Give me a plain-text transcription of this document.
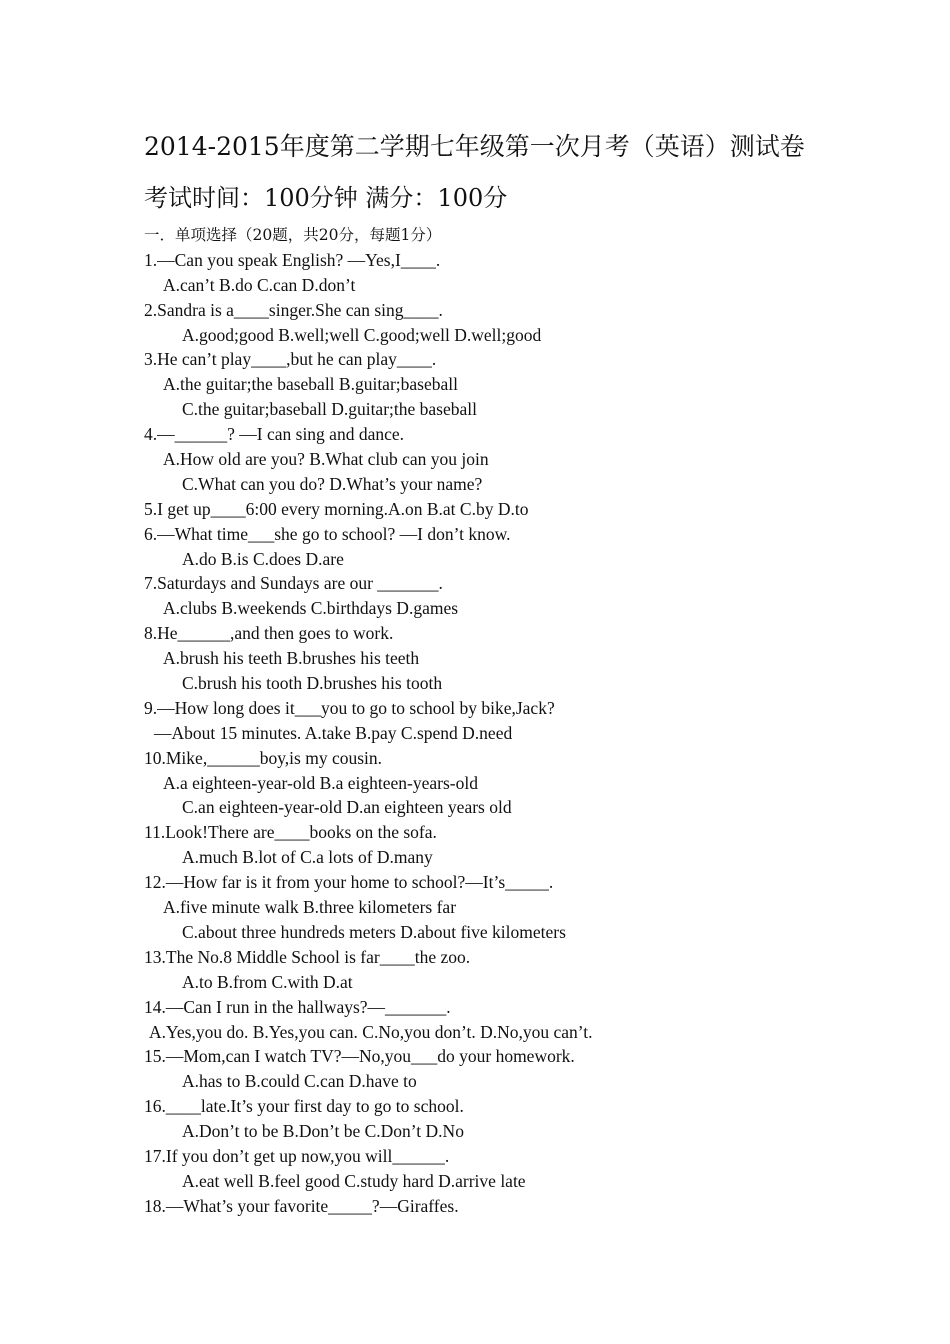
2014-2015年度第二学期七年级第一次月考（英语）测试卷
考试时间：100分钟 满分：100分
一．单项选择（20题，共20分，每题1分）
1.—Can you speak English? —Yes,I____.
A.can’t B.do C.can D.don’t
2.Sandra is a____singer.She can sing____.
A.good;good B.well;well C.good;well D.well;good
3.He can’t play____,but he can play____.
A.the guitar;the baseball B.guitar;baseball
C.the guitar;baseball D.guitar;the baseball
4.—______? —I can sing and dance.
A.How old are you? B.What club can you join
C.What can you do? D.What’s your name?
5.I get up____6:00 every morning.A.on B.at C.by D.to
6.—What time___she go to school? —I don’t know.
A.do B.is C.does D.are
7.Saturdays and Sundays are our _______.
A.clubs B.weekends C.birthdays D.games
8.He______,and then goes to work.
A.brush his teeth B.brushes his teeth
C.brush his tooth D.brushes his tooth
9.—How long does it___you to go to school by bike,Jack?
—About 15 minutes. A.take B.pay C.spend D.need
10.Mike,______boy,is my cousin.
A.a eighteen-year-old B.a eighteen-years-old
C.an eighteen-year-old D.an eighteen years old
11.Look!There are____books on the sofa.
A.much B.lot of C.a lots of D.many
12.—How far is it from your home to school?—It’s_____.
A.five minute walk B.three kilometers far
C.about three hundreds meters D.about five kilometers
13.The No.8 Middle School is far____the zoo.
A.to B.from C.with D.at
14.—Can I run in the hallways?—_______.
A.Yes,you do. B.Yes,you can. C.No,you don’t. D.No,you can’t.
15.—Mom,can I watch TV?—No,you___do your homework.
A.has to B.could C.can D.have to
16.____late.It’s your first day to go to school.
A.Don’t to be B.Don’t be C.Don’t D.No
17.If you don’t get up now,you will______.
A.eat well B.feel good C.study hard D.arrive late
18.—What’s your favorite_____?—Giraffes.
